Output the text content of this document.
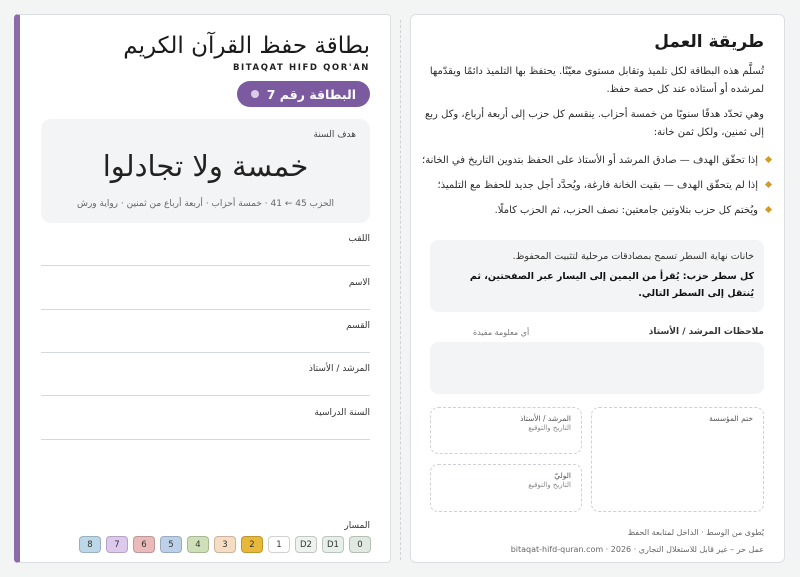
بطاقة حفظ القرآن الكريم
BITAQAT HIFD QOR'AN
البطاقة رقم 7
هدف السنة
خمسة ولا تجادلوا
الحزب 45 ← 41 · خمسة أحزاب · أربعة أرباع من ثمنين · رواية ورش
اللقب
الاسم
القسم
المرشد / الأستاذ
السنة الدراسية
المسار
0
D1
D2
1
2
3
4
5
6
7
8
طريقة العمل
تُسلَّم هذه البطاقة لكل تلميذ وتقابل مستوى معيّنًا. يحتفظ بها التلميذ دائمًا ويقدّمها لمرشده أو أستاذه عند كل حصة حفظ.
وهي تحدّد هدفًا سنويًا من خمسة أحزاب. ينقسم كل حزب إلى أربعة أرباع، وكل ربع إلى ثمنين، ولكل ثمن خانة:
إذا تحقّق الهدف — صادق المرشد أو الأستاذ على الحفظ بتدوين التاريخ في الخانة؛
إذا لم يتحقّق الهدف — بقيت الخانة فارغة، ويُحدَّد أجل جديد للحفظ مع التلميذ؛
ويُختم كل حزب بتلاوتين جامعتين: نصف الحزب، ثم الحزب كاملًا.

خانات نهاية السطر تسمح بمصادقات مرحلية لتثبيت المحفوظ.

كل سطر حزب: يُقرأ من اليمين إلى اليسار عبر الصفحتين، ثم يُنتقل إلى السطر التالي.
ملاحظات المرشد / الأستاذ
أي معلومة مفيدة
ختم المؤسسة
المرشد / الأستاذ
التاريخ والتوقيع
الوليّ
التاريخ والتوقيع
يُطوى من الوسط · الداخل لمتابعة الحفظ
bitaqat-hifd-quran.com · 2026 · عمل حر – غير قابل للاستغلال التجاري
